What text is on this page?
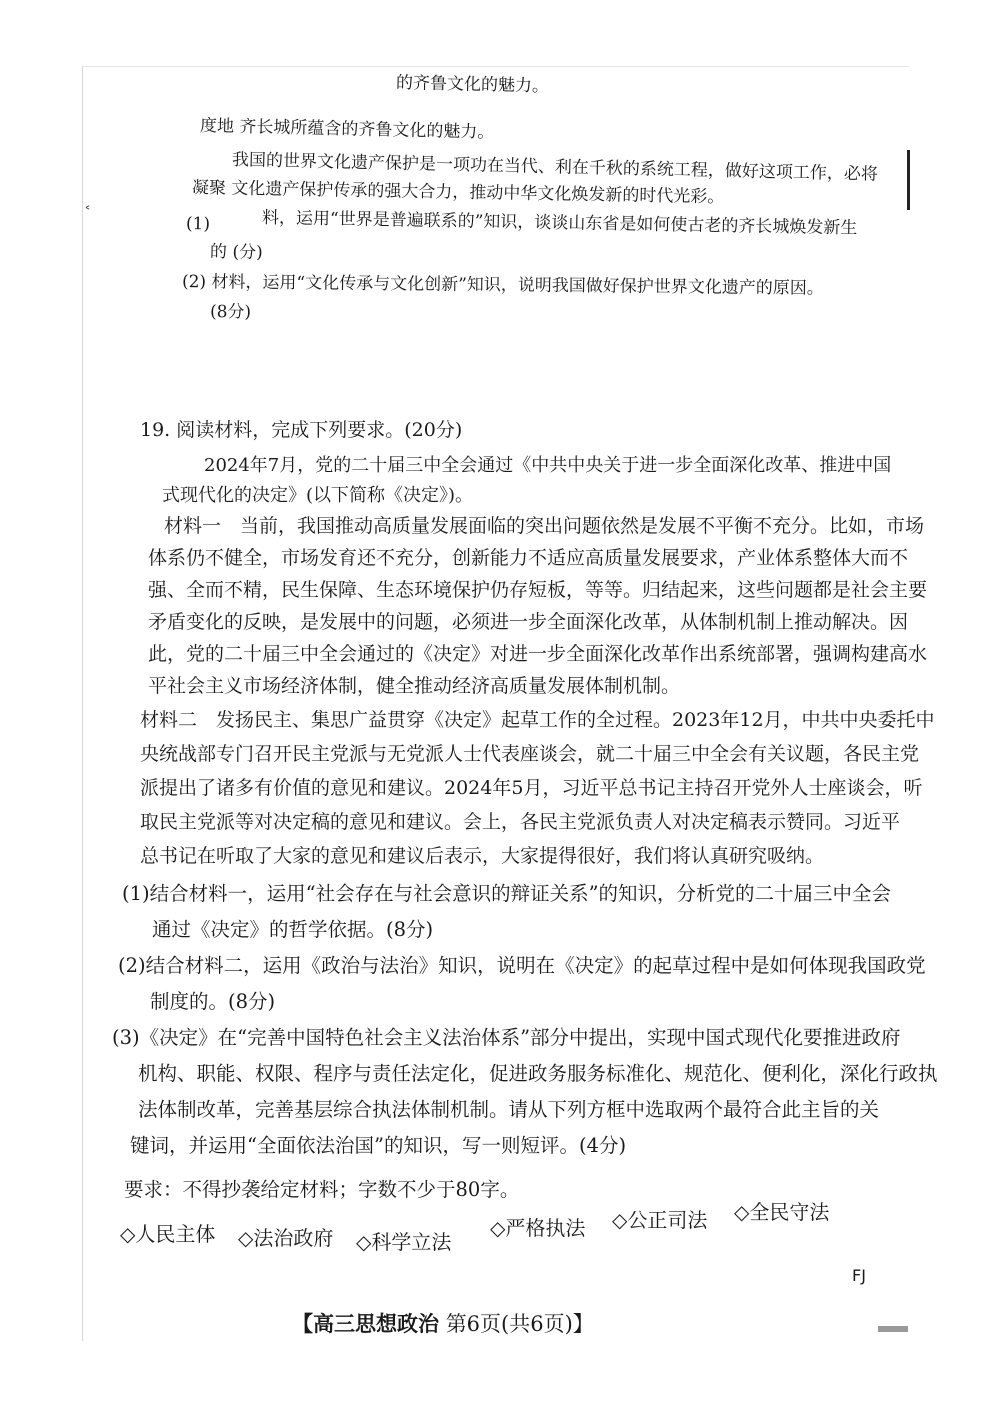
˂
的齐鲁文化的魅力。
度地 齐长城所蕴含的齐鲁文化的魅力。
我国的世界文化遗产保护是一项功在当代、利在千秋的系统工程，做好这项工作，必将
凝聚 文化遗产保护传承的强大合力，推动中华文化焕发新的时代光彩。
料，运用“世界是普遍联系的”知识，谈谈山东省是如何使古老的齐长城焕发新生
(1)
的 (分)
(2) 材料，运用“文化传承与文化创新”知识，说明我国做好保护世界文化遗产的原因。
(8分)
19. 阅读材料，完成下列要求。(20分)
2024年7月，党的二十届三中全会通过《中共中央关于进一步全面深化改革、推进中国
式现代化的决定》(以下简称《决定》)。
材料一　当前，我国推动高质量发展面临的突出问题依然是发展不平衡不充分。比如，市场
体系仍不健全，市场发育还不充分，创新能力不适应高质量发展要求，产业体系整体大而不
强、全而不精，民生保障、生态环境保护仍存短板，等等。归结起来，这些问题都是社会主要
矛盾变化的反映，是发展中的问题，必须进一步全面深化改革，从体制机制上推动解决。因
此，党的二十届三中全会通过的《决定》对进一步全面深化改革作出系统部署，强调构建高水
平社会主义市场经济体制，健全推动经济高质量发展体制机制。
材料二　发扬民主、集思广益贯穿《决定》起草工作的全过程。2023年12月，中共中央委托中
央统战部专门召开民主党派与无党派人士代表座谈会，就二十届三中全会有关议题，各民主党
派提出了诸多有价值的意见和建议。2024年5月，习近平总书记主持召开党外人士座谈会，听
取民主党派等对决定稿的意见和建议。会上，各民主党派负责人对决定稿表示赞同。习近平
总书记在听取了大家的意见和建议后表示，大家提得很好，我们将认真研究吸纳。
(1)结合材料一，运用“社会存在与社会意识的辩证关系”的知识，分析党的二十届三中全会
通过《决定》的哲学依据。(8分)
(2)结合材料二，运用《政治与法治》知识，说明在《决定》的起草过程中是如何体现我国政党
制度的。(8分)
(3)《决定》在“完善中国特色社会主义法治体系”部分中提出，实现中国式现代化要推进政府
机构、职能、权限、程序与责任法定化，促进政务服务标准化、规范化、便利化，深化行政执
法体制改革，完善基层综合执法体制机制。请从下列方框中选取两个最符合此主旨的关
键词，并运用“全面依法治国”的知识，写一则短评。(4分)
要求：不得抄袭给定材料；字数不少于80字。
◇人民主体 ◇法治政府 ◇科学立法
◇严格执法 ◇公正司法 ◇全民守法
FJ
【高三思想政治 第6页(共6页)】
